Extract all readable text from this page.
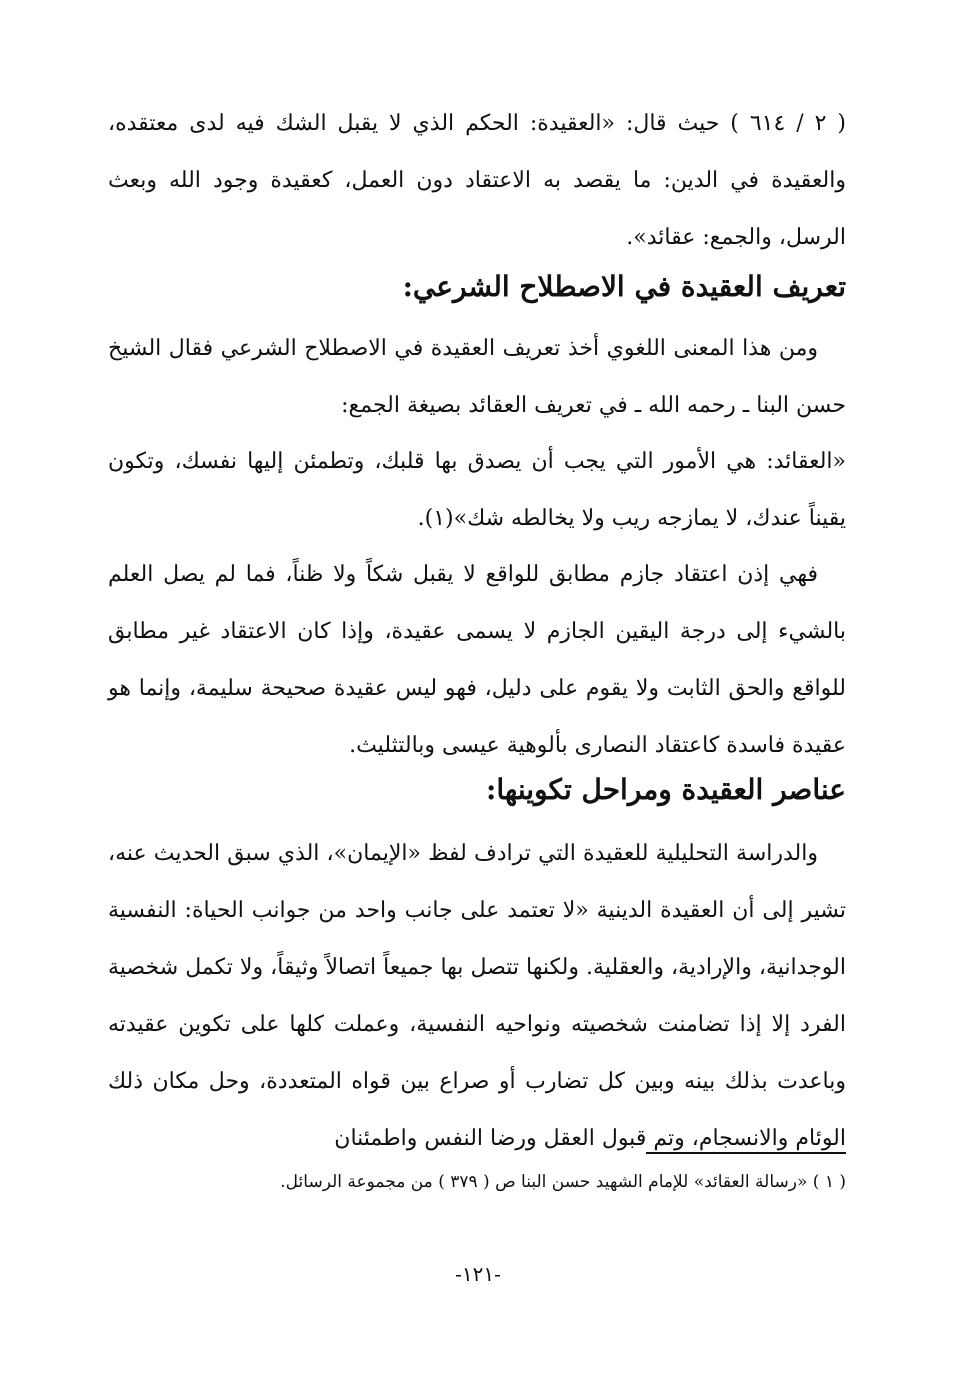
( ٢ / ٦١٤ ) حيث قال: «العقيدة: الحكم الذي لا يقبل الشك فيه لدى معتقده، والعقيدة في الدين: ما يقصد به الاعتقاد دون العمل، كعقيدة وجود الله وبعث الرسل، والجمع: عقائد».
تعريف العقيدة في الاصطلاح الشرعي:
ومن هذا المعنى اللغوي أخذ تعريف العقيدة في الاصطلاح الشرعي فقال الشيخ حسن البنا ـ رحمه الله ـ في تعريف العقائد بصيغة الجمع:
«العقائد: هي الأمور التي يجب أن يصدق بها قلبك، وتطمئن إليها نفسك، وتكون يقيناً عندك، لا يمازجه ريب ولا يخالطه شك»(١).
فهي إذن اعتقاد جازم مطابق للواقع لا يقبل شكاً ولا ظناً، فما لم يصل العلم بالشيء إلى درجة اليقين الجازم لا يسمى عقيدة، وإذا كان الاعتقاد غير مطابق للواقع والحق الثابت ولا يقوم على دليل، فهو ليس عقيدة صحيحة سليمة، وإنما هو عقيدة فاسدة كاعتقاد النصارى بألوهية عيسى وبالتثليث.
عناصر العقيدة ومراحل تكوينها:
والدراسة التحليلية للعقيدة التي ترادف لفظ «الإيمان»، الذي سبق الحديث عنه، تشير إلى أن العقيدة الدينية «لا تعتمد على جانب واحد من جوانب الحياة: النفسية الوجدانية، والإرادية، والعقلية. ولكنها تتصل بها جميعاً اتصالاً وثيقاً، ولا تكمل شخصية الفرد إلا إذا تضامنت شخصيته ونواحيه النفسية، وعملت كلها على تكوين عقيدته وباعدت بذلك بينه وبين كل تضارب أو صراع بين قواه المتعددة، وحل مكان ذلك الوئام والانسجام، وتم قبول العقل ورضا النفس واطمئنان
( ١ ) «رسالة العقائد» للإمام الشهيد حسن البنا ص ( ٣٧٩ ) من مجموعة الرسائل.
-١٢١-
